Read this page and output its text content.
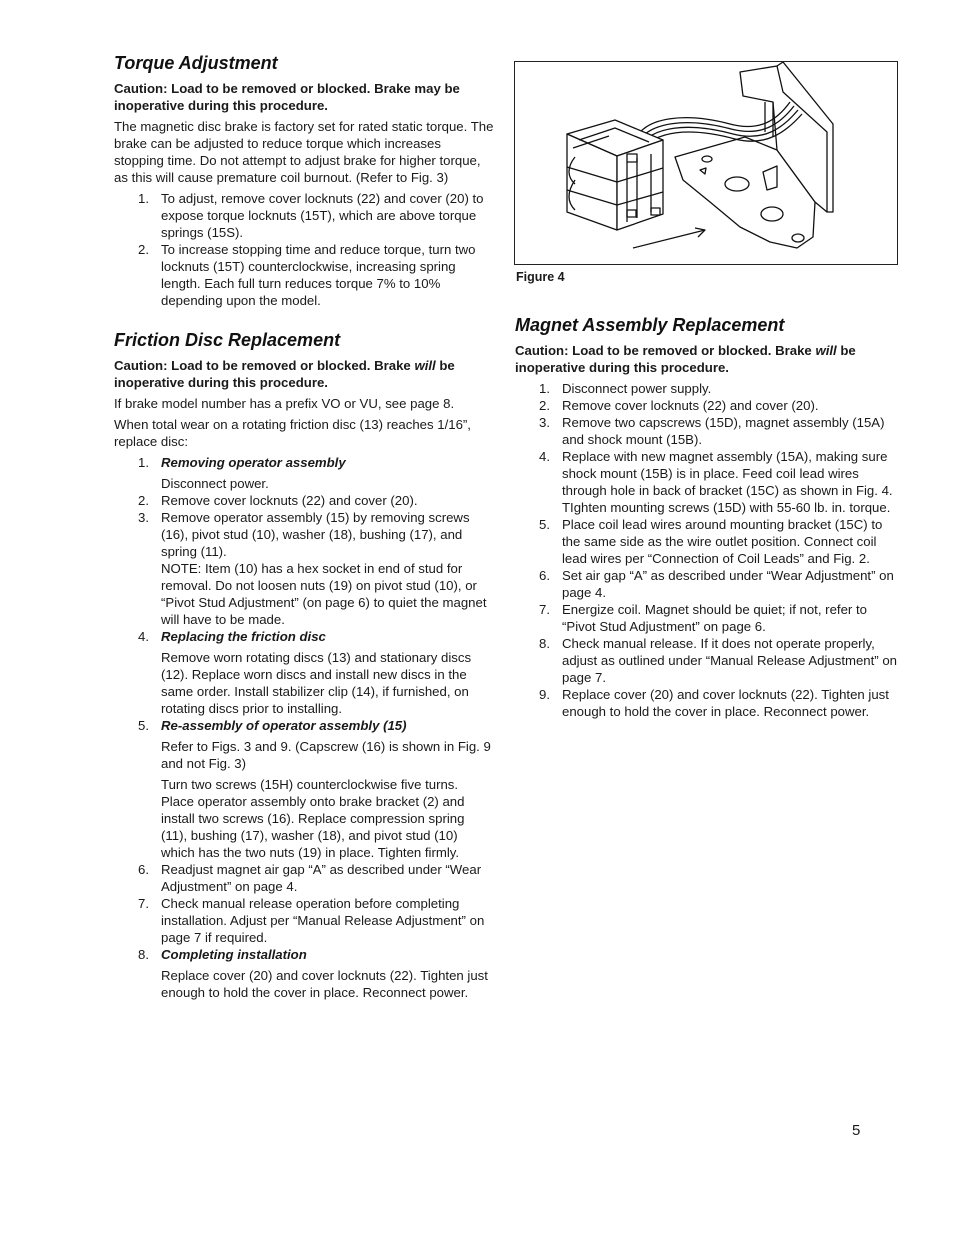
Torque Adjustment

Caution: Load to be removed or blocked. Brake may be inoperative during this procedure.

The magnetic disc brake is factory set for rated static torque. The brake can be adjusted to reduce torque which increases stopping time. Do not attempt to adjust brake for higher torque, as this will cause premature coil burnout. (Refer to Fig. 3)

1. To adjust, remove cover locknuts (22) and cover (20) to expose torque locknuts (15T), which are above torque springs (15S).
2. To increase stopping time and reduce torque, turn two locknuts (15T) counterclockwise, increasing spring length. Each full turn reduces torque 7% to 10% depending upon the model.
Friction Disc Replacement

Caution: Load to be removed or blocked. Brake will be inoperative during this procedure.

If brake model number has a prefix VO or VU, see page 8.

When total wear on a rotating friction disc (13) reaches 1/16”, replace disc:

1. Removing operator assembly

Disconnect power.

2. Remove cover locknuts (22) and cover (20).
3. Remove operator assembly (15) by removing screws (16), pivot stud (10), washer (18), bushing (17), and spring (11).

NOTE: Item (10) has a hex socket in end of stud for removal. Do not loosen nuts (19) on pivot stud (10), or “Pivot Stud Adjustment” (on page 6) to quiet the magnet will have to be made.

4. Replacing the friction disc

Remove worn rotating discs (13) and stationary discs (12). Replace worn discs and install new discs in the same order. Install stabilizer clip (14), if furnished, on rotating discs prior to installing.

5. Re-assembly of operator assembly (15)

Refer to Figs. 3 and 9. (Capscrew (16) is shown in Fig. 9 and not Fig. 3)

Turn two screws (15H) counterclockwise five turns. Place operator assembly onto brake bracket (2) and install two screws (16). Replace compression spring (11), bushing (17), washer (18), and pivot stud (10) which has the two nuts (19) in place. Tighten firmly.

6. Readjust magnet air gap “A” as described under “Wear Adjustment” on page 4.
7. Check manual release operation before completing installation. Adjust per “Manual Release Adjustment” on page 7 if required.
8. Completing installation

Replace cover (20) and cover locknuts (22). Tighten just enough to hold the cover in place. Reconnect power.

Figure 4
Magnet Assembly Replacement

Caution: Load to be removed or blocked. Brake will be inoperative during this procedure.

1. Disconnect power supply.
2. Remove cover locknuts (22) and cover (20).
3. Remove two capscrews (15D), magnet assembly (15A) and shock mount (15B).
4. Replace with new magnet assembly (15A), making sure shock mount (15B) is in place. Feed coil lead wires through hole in back of bracket (15C) as shown in Fig. 4. TIghten mounting screws (15D) with 55-60 lb. in. torque.
5. Place coil lead wires around mounting bracket (15C) to the same side as the wire outlet position. Connect coil lead wires per “Connection of Coil Leads” and Fig. 2.
6. Set air gap “A” as described under “Wear Adjustment” on page 4.
7. Energize coil. Magnet should be quiet; if not, refer to “Pivot Stud Adjustment” on page 6.
8. Check manual release. If it does not operate properly, adjust as outlined under “Manual Release Adjustment” on page 7.
9. Replace cover (20) and cover locknuts (22). Tighten just enough to hold the cover in place. Reconnect power.
5
